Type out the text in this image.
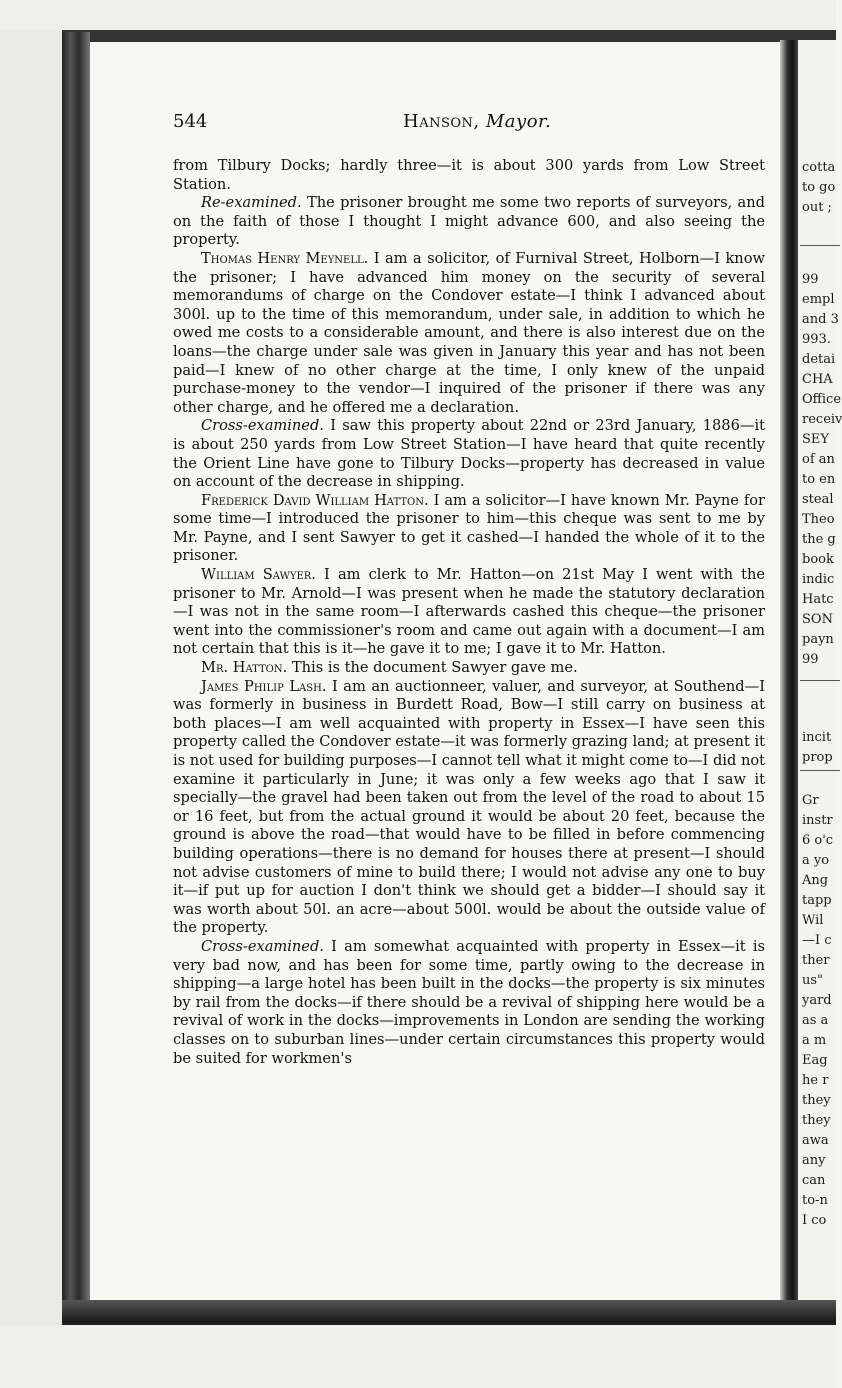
cotta
to go
out ;
99
empl
and 3
993.
detai
CHA
Office
receiv
SEY
of an
to en
steal
Theo
the g
book
indic
Hatc
SON
payn
99
incit
prop
Gr
instr
6 o'c
a yo
Ang
tapp
Wil
—I c
ther
us"
yard
as a
a m
Eag
he r
they
they
awa
any
can
to-n
I co
544	Hanson, Mayor.

from Tilbury Docks; hardly three—it is about 300 yards from Low Street Station.

Re-examined. The prisoner brought me some two reports of surveyors, and on the faith of those I thought I might advance 600, and also seeing the property.

Thomas Henry Meynell. I am a solicitor, of Furnival Street, Holborn—I know the prisoner; I have advanced him money on the security of several memorandums of charge on the Condover estate—I think I advanced about 300l. up to the time of this memorandum, under sale, in addition to which he owed me costs to a considerable amount, and there is also interest due on the loans—the charge under sale was given in January this year and has not been paid—I knew of no other charge at the time, I only knew of the unpaid purchase-money to the vendor—I inquired of the prisoner if there was any other charge, and he offered me a declaration.

Cross-examined. I saw this property about 22nd or 23rd January, 1886—it is about 250 yards from Low Street Station—I have heard that quite recently the Orient Line have gone to Tilbury Docks—property has decreased in value on account of the decrease in shipping.

Frederick David William Hatton. I am a solicitor—I have known Mr. Payne for some time—I introduced the prisoner to him—this cheque was sent to me by Mr. Payne, and I sent Sawyer to get it cashed—I handed the whole of it to the prisoner.

William Sawyer. I am clerk to Mr. Hatton—on 21st May I went with the prisoner to Mr. Arnold—I was present when he made the statutory declaration—I was not in the same room—I afterwards cashed this cheque—the prisoner went into the commissioner's room and came out again with a document—I am not certain that this is it—he gave it to me; I gave it to Mr. Hatton.

Mr. Hatton. This is the document Sawyer gave me.

James Philip Lash. I am an auctionneer, valuer, and surveyor, at Southend—I was formerly in business in Burdett Road, Bow—I still carry on business at both places—I am well acquainted with property in Essex—I have seen this property called the Condover estate—it was formerly grazing land; at present it is not used for building purposes—I cannot tell what it might come to—I did not examine it particularly in June; it was only a few weeks ago that I saw it specially—the gravel had been taken out from the level of the road to about 15 or 16 feet, but from the actual ground it would be about 20 feet, because the ground is above the road—that would have to be filled in before commencing building operations—there is no demand for houses there at present—I should not advise customers of mine to build there; I would not advise any one to buy it—if put up for auction I don't think we should get a bidder—I should say it was worth about 50l. an acre—about 500l. would be about the outside value of the property.

Cross-examined. I am somewhat acquainted with property in Essex—it is very bad now, and has been for some time, partly owing to the decrease in shipping—a large hotel has been built in the docks—the property is six minutes by rail from the docks—if there should be a revival of shipping here would be a revival of work in the docks—improvements in London are sending the working classes on to suburban lines—under certain circumstances this property would be suited for workmen's
